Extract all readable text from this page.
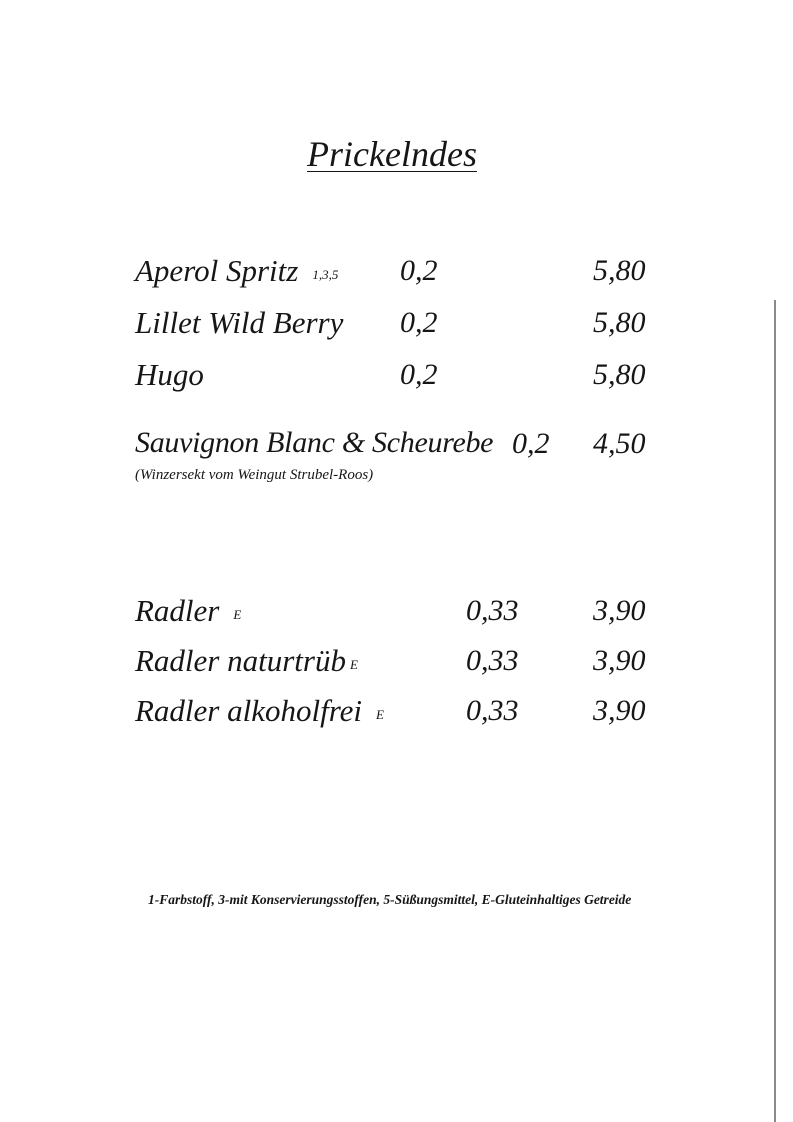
Prickelndes
Aperol Spritz 1,3,5 0,2	5,80
Lillet Wild Berry 0,2	5,80
Hugo	0,2	5,80
Sauvignon Blanc & Scheurebe 0,2 4,50
(Winzersekt vom Weingut Strubel-Roos)
Radler E	0,33 3,90
Radler naturtrüb E	0,33 3,90
Radler alkoholfrei E	0,33 3,90
1-Farbstoff, 3-mit Konservierungsstoffen, 5-Süßungsmittel, E-Gluteinhaltiges Getreide
